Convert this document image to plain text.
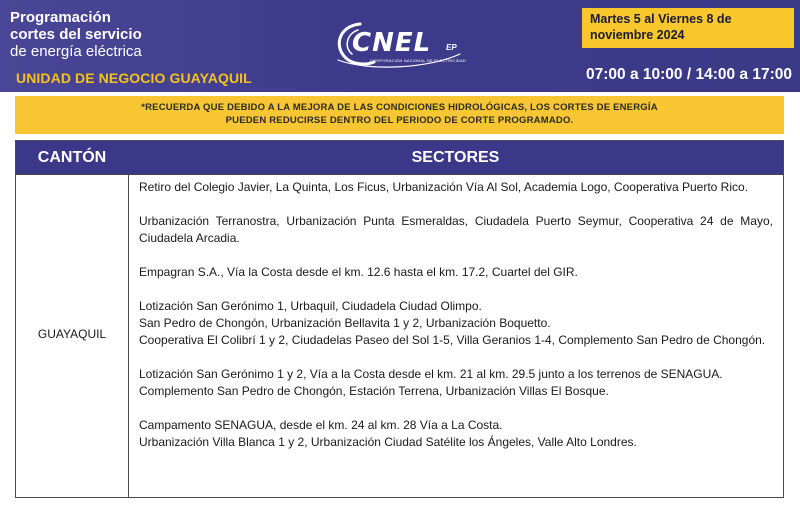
Programación
cortes del servicio
de energía eléctrica
UNIDAD DE NEGOCIO GUAYAQUIL
CNEL EP
CORPORACIÓN NACIONAL DE ELECTRICIDAD
Martes 5 al Viernes 8 de noviembre 2024
07:00 a 10:00 / 14:00 a 17:00
*RECUERDA QUE DEBIDO A LA MEJORA DE LAS CONDICIONES HIDROLÓGICAS, LOS CORTES DE ENERGÍA
PUEDEN REDUCIRSE DENTRO DEL PERIODO DE CORTE PROGRAMADO.
CANTÓN	SECTORES
GUAYAQUIL
Retiro del Colegio Javier, La Quinta, Los Ficus, Urbanización Vía Al Sol, Academia Logo, Cooperativa Puerto Rico.
Urbanización Terranostra, Urbanización Punta Esmeraldas, Ciudadela Puerto Seymur, Cooperativa 24 de Mayo, Ciudadela Arcadia.
Empagran S.A., Vía la Costa desde el km. 12.6 hasta el km. 17.2, Cuartel del GIR.
Lotización San Gerónimo 1, Urbaquil, Ciudadela Ciudad Olimpo.
San Pedro de Chongón, Urbanización Bellavita 1 y 2, Urbanización Boquetto.
Cooperativa El Colibrí 1 y 2, Ciudadelas Paseo del Sol 1-5, Villa Geranios 1-4, Complemento San Pedro de Chongón.
Lotización San Gerónimo 1 y 2, Vía a la Costa desde el km. 21 al km. 29.5 junto a los terrenos de SENAGUA.
Complemento San Pedro de Chongón, Estación Terrena, Urbanización Villas El Bosque.
Campamento SENAGUA, desde el km. 24 al km. 28 Vía a La Costa.
Urbanización Villa Blanca 1 y 2, Urbanización Ciudad Satélite los Ángeles, Valle Alto Londres.
